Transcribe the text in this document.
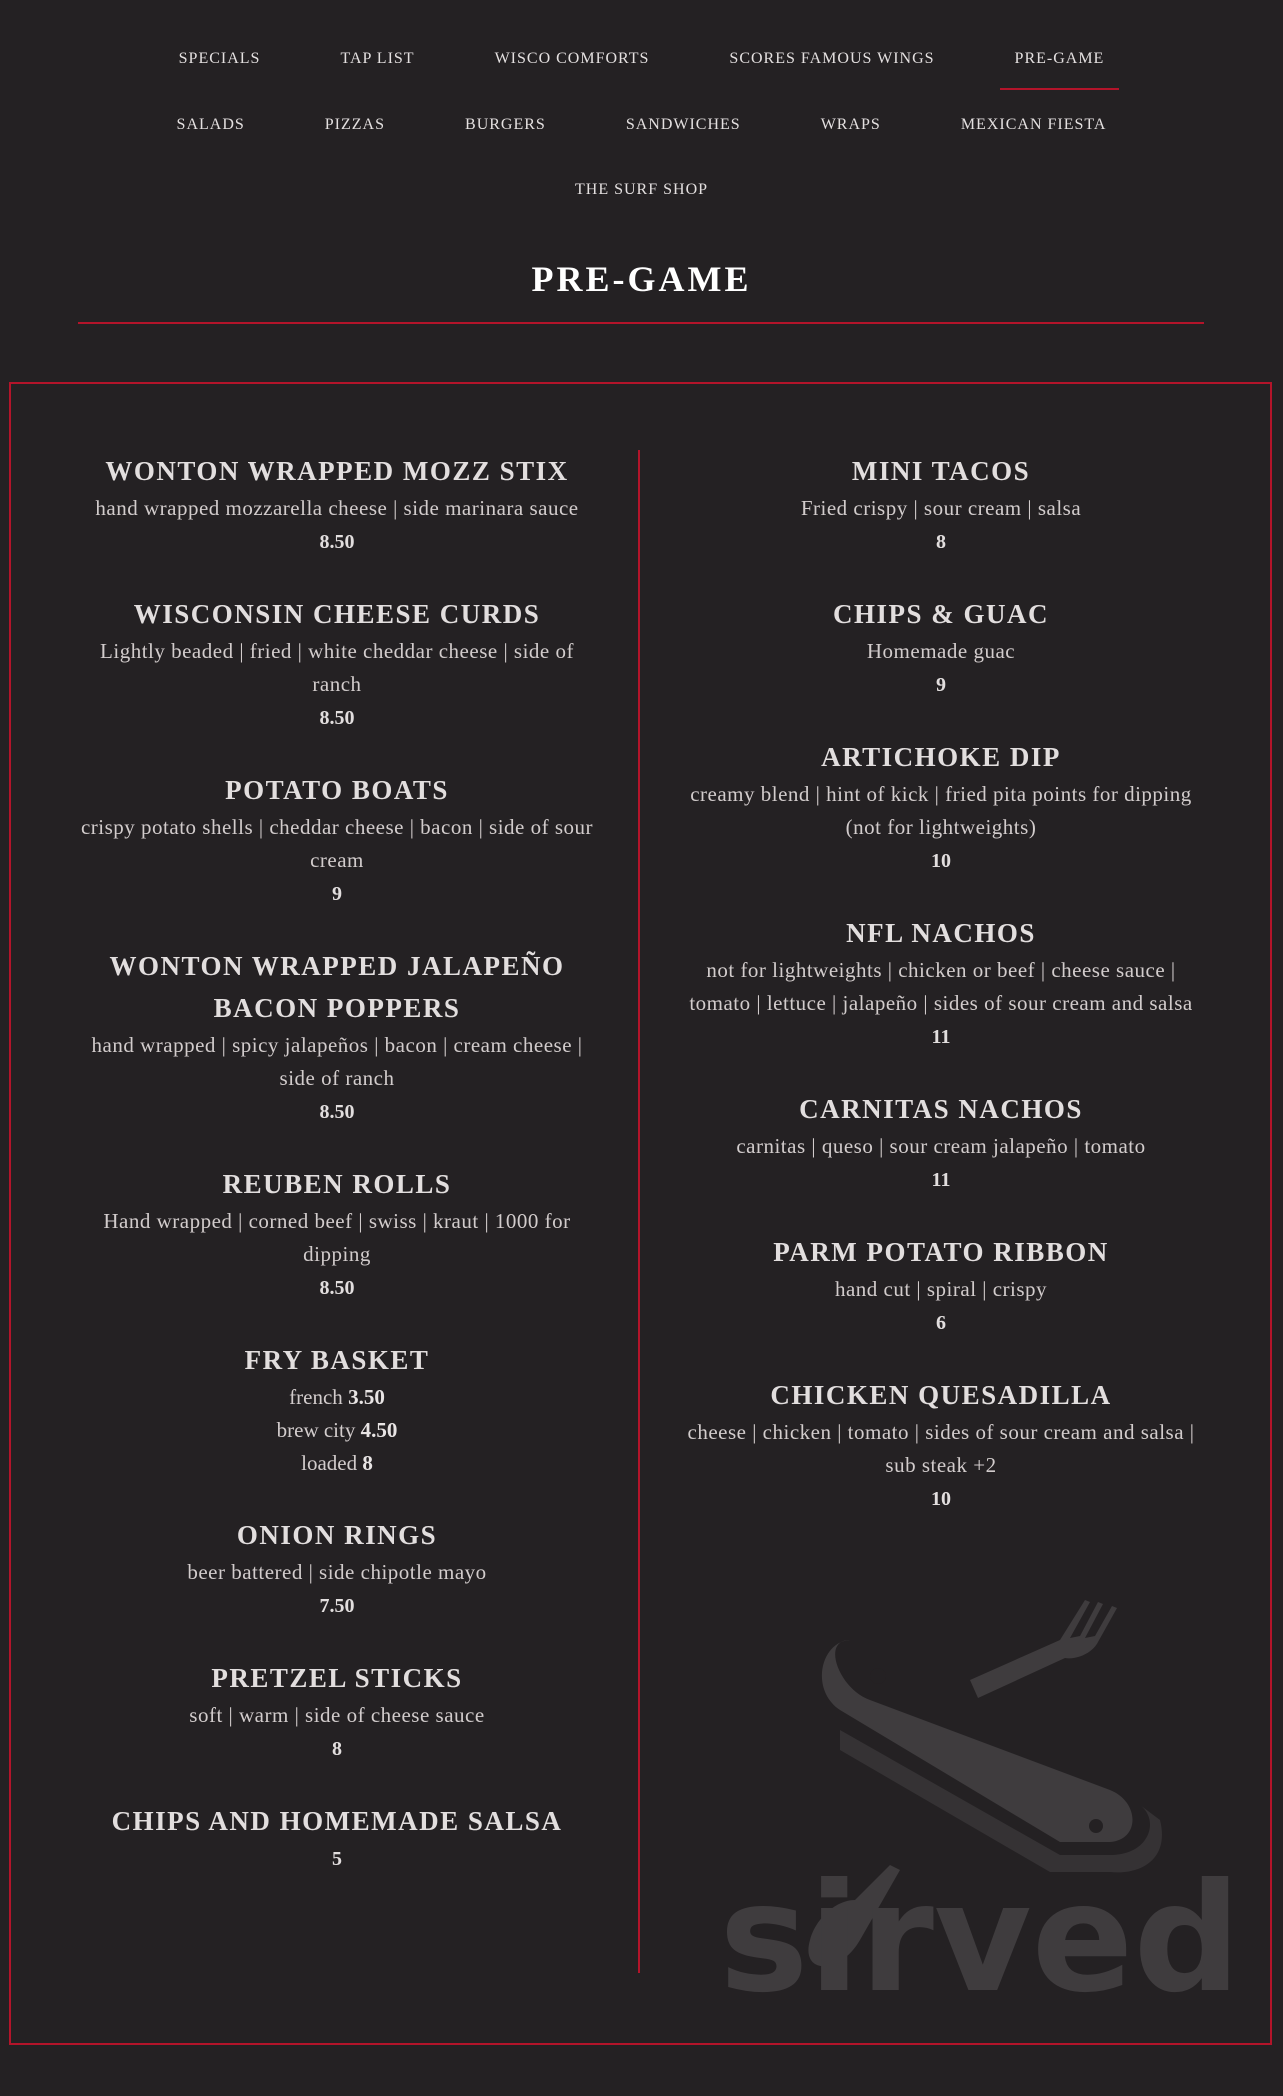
SPECIALS	TAP LIST	WISCO COMFORTS	SCORES FAMOUS WINGS	PRE-GAME
SALADS	PIZZAS	BURGERS	SANDWICHES	WRAPS	MEXICAN FIESTA
THE SURF SHOP
PRE-GAME
WONTON WRAPPED MOZZ STIX
hand wrapped mozzarella cheese | side marinara sauce
8.50
WISCONSIN CHEESE CURDS
Lightly beaded | fried | white cheddar cheese | side of ranch
8.50
POTATO BOATS
crispy potato shells | cheddar cheese | bacon | side of sour cream
9
WONTON WRAPPED JALAPEÑO BACON POPPERS
hand wrapped | spicy jalapeños | bacon | cream cheese | side of ranch
8.50
REUBEN ROLLS
Hand wrapped | corned beef | swiss | kraut | 1000 for dipping
8.50
FRY BASKET
french 3.50
brew city 4.50
loaded 8
ONION RINGS
beer battered | side chipotle mayo
7.50
PRETZEL STICKS
soft | warm | side of cheese sauce
8
CHIPS AND HOMEMADE SALSA
5
MINI TACOS
Fried crispy | sour cream | salsa
8
CHIPS & GUAC
Homemade guac
9
ARTICHOKE DIP
creamy blend | hint of kick | fried pita points for dipping (not for lightweights)
10
NFL NACHOS
not for lightweights | chicken or beef | cheese sauce | tomato | lettuce | jalapeño | sides of sour cream and salsa
11
CARNITAS NACHOS
carnitas | queso | sour cream jalapeño | tomato
11
PARM POTATO RIBBON
hand cut | spiral | crispy
6
CHICKEN QUESADILLA
cheese | chicken | tomato | sides of sour cream and salsa | sub steak +2
10
sirved
